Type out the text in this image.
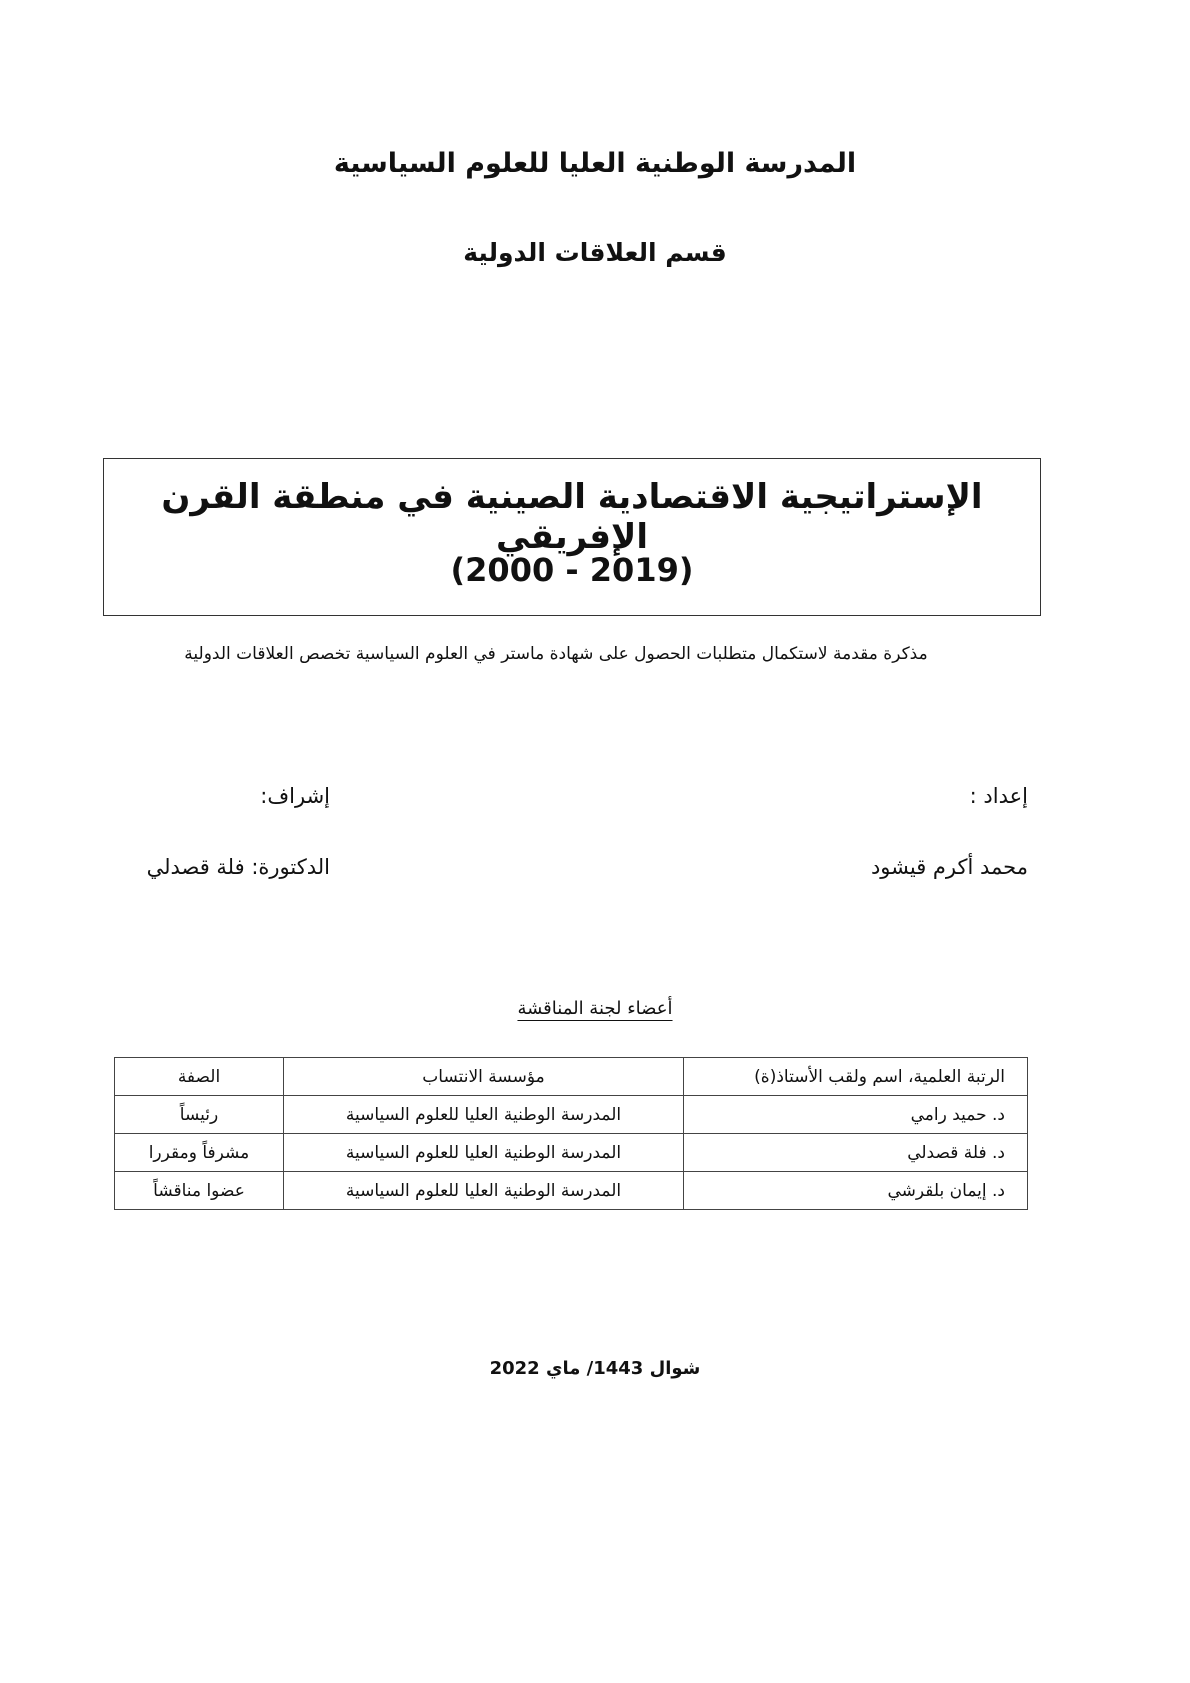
المدرسة الوطنية العليا للعلوم السياسية
قسم العلاقات الدولية
الإستراتيجية الاقتصادية الصينية في منطقة القرن الإفريقي
(2000 - 2019)
مذكرة مقدمة لاستكمال متطلبات الحصول على شهادة ماستر في العلوم السياسية تخصص العلاقات الدولية
إعداد :
محمد أكرم قيشود
إشراف:
الدكتورة: فلة قصدلي
أعضاء لجنة المناقشة
الرتبة العلمية، اسم ولقب الأستاذ(ة)	مؤسسة الانتساب	الصفة
د. حميد رامي	المدرسة الوطنية العليا للعلوم السياسية	رئيساً
د. فلة قصدلي	المدرسة الوطنية العليا للعلوم السياسية	مشرفاً ومقررا
د. إيمان بلقرشي	المدرسة الوطنية العليا للعلوم السياسية	عضوا مناقشاً
شوال 1443/ ماي 2022
